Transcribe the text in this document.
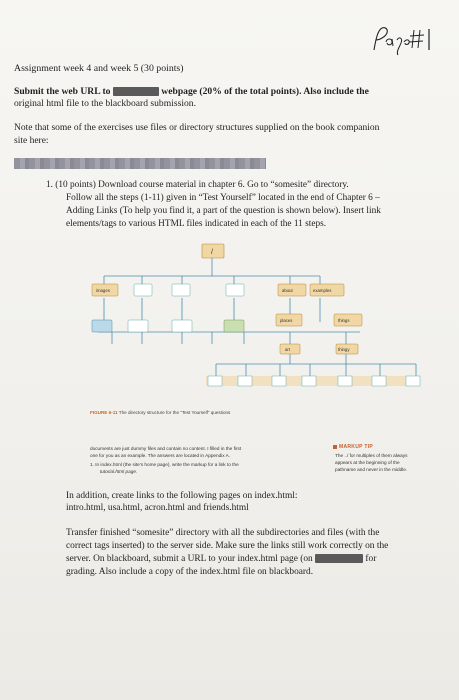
Assignment week 4 and week 5 (30 points)
Submit the web URL to	webpage (20% of the total points). Also include the
original html file to the blackboard submission.
Note that some of the exercises use files or directory structures supplied on the book companion
site here:
1. (10 points) Download course material in chapter 6. Go to “somesite” directory.
Follow all the steps (1-11) given in “Test Yourself” located in the end of Chapter 6 –
Adding Links (To help you find it, a part of the question is shown below). Insert link
elements/tags to various HTML files indicated in each of the 11 steps.
/
images	about	examples
places	things
art	thingy
FIGURE 6-11 The directory structure for the “Test Yourself” questions
documents are just dummy files and contain no content. I filled in the first
one for you as an example. The answers are located in Appendix A.
1. In index.html (the site’s home page), write the markup for a link to the
tutorial.html page.
MARKUP TIP
The ../ for multiples of them always
appears at the beginning of the
pathname and never in the middle.
In addition, create links to the following pages on index.html:
intro.html, usa.html, acron.html and friends.html
Transfer finished “somesite” directory with all the subdirectories and files (with the
correct tags inserted) to the server side. Make sure the links still work correctly on the
server. On blackboard, submit a URL to your index.html page (on	for
grading. Also include a copy of the index.html file on blackboard.
